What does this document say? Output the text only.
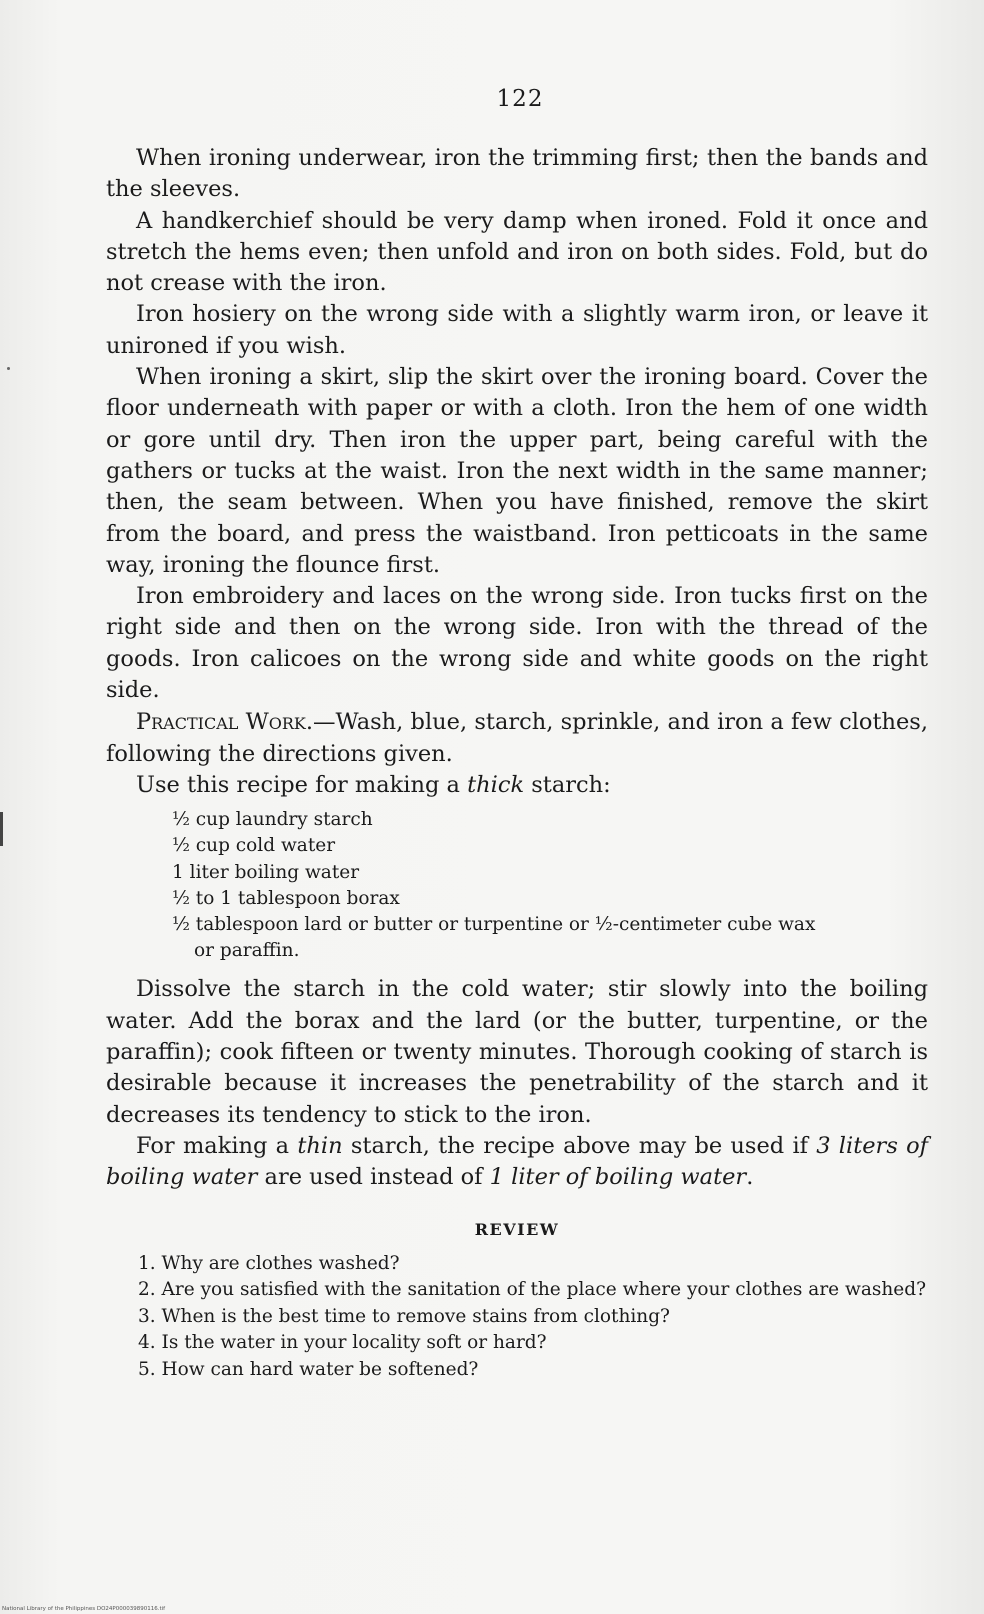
122

When ironing underwear, iron the trimming first; then the bands and the sleeves.

A handkerchief should be very damp when ironed. Fold it once and stretch the hems even; then unfold and iron on both sides. Fold, but do not crease with the iron.

Iron hosiery on the wrong side with a slightly warm iron, or leave it unironed if you wish.

When ironing a skirt, slip the skirt over the ironing board. Cover the floor underneath with paper or with a cloth. Iron the hem of one width or gore until dry. Then iron the upper part, being careful with the gathers or tucks at the waist. Iron the next width in the same manner; then, the seam between. When you have finished, remove the skirt from the board, and press the waistband. Iron petticoats in the same way, ironing the flounce first.

Iron embroidery and laces on the wrong side. Iron tucks first on the right side and then on the wrong side. Iron with the thread of the goods. Iron calicoes on the wrong side and white goods on the right side.

Practical Work.—Wash, blue, starch, sprinkle, and iron a few clothes, following the directions given.

Use this recipe for making a thick starch:

½ cup laundry starch
½ cup cold water
1 liter boiling water
½ to 1 tablespoon borax
½ tablespoon lard or butter or turpentine or ½-centimeter cube wax
or paraffin.

Dissolve the starch in the cold water; stir slowly into the boiling water. Add the borax and the lard (or the butter, turpentine, or the paraffin); cook fifteen or twenty minutes. Thorough cooking of starch is desirable because it increases the penetrability of the starch and it decreases its tendency to stick to the iron.

For making a thin starch, the recipe above may be used if 3 liters of boiling water are used instead of 1 liter of boiling water.

REVIEW
1. Why are clothes washed?
2. Are you satisfied with the sanitation of the place where your clothes are washed?
3. When is the best time to remove stains from clothing?
4. Is the water in your locality soft or hard?
5. How can hard water be softened?
National Library of the Philippines DO24P000039890116.tif
